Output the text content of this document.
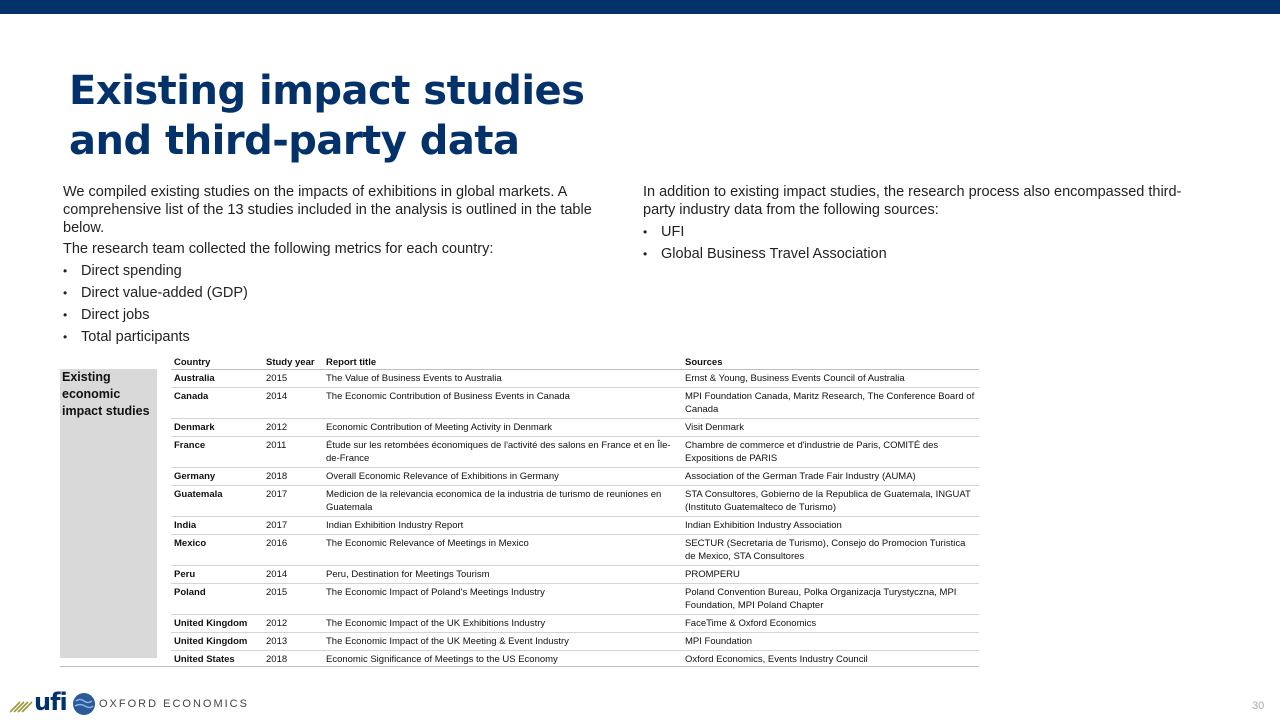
Existing impact studies
and third-party data

We compiled existing studies on the impacts of exhibitions in global markets. A comprehensive list of the 13 studies included in the analysis is outlined in the table below.

The research team collected the following metrics for each country:

• Direct spending
• Direct value-added (GDP)
• Direct jobs
• Total participants

In addition to existing impact studies, the research process also encompassed third-party industry data from the following sources:

• UFI
• Global Business Travel Association
Existing economic impact studies
Country	Study year	Report title	Sources
Australia	2015	The Value of Business Events to Australia	Ernst & Young, Business Events Council of Australia
Canada	2014	The Economic Contribution of Business Events in Canada	MPI Foundation Canada, Maritz Research, The Conference Board of Canada
Denmark	2012	Economic Contribution of Meeting Activity in Denmark	Visit Denmark
France	2011	Étude sur les retombées économiques de l'activité des salons en France et en Île-de-France	Chambre de commerce et d'industrie de Paris, COMITÉ des Expositions de PARIS
Germany	2018	Overall Economic Relevance of Exhibitions in Germany	Association of the German Trade Fair Industry (AUMA)
Guatemala	2017	Medicion de la relevancia economica de la industria de turismo de reuniones en Guatemala	STA Consultores, Gobierno de la Republica de Guatemala, INGUAT (Instituto Guatemalteco de Turismo)
India	2017	Indian Exhibition Industry Report	Indian Exhibition Industry Association
Mexico	2016	The Economic Relevance of Meetings in Mexico	SECTUR (Secretaria de Turismo), Consejo do Promocion Turistica de Mexico, STA Consultores
Peru	2014	Peru, Destination for Meetings Tourism	PROMPERU
Poland	2015	The Economic Impact of Poland's Meetings Industry	Poland Convention Bureau, Polka Organizacja Turystyczna, MPI Foundation, MPI Poland Chapter
United Kingdom	2012	The Economic Impact of the UK Exhibitions Industry	FaceTime & Oxford Economics
United Kingdom	2013	The Economic Impact of the UK Meeting & Event Industry	MPI Foundation
United States	2018	Economic Significance of Meetings to the US Economy	Oxford Economics, Events Industry Council
ufi	OXFORD ECONOMICS	30
